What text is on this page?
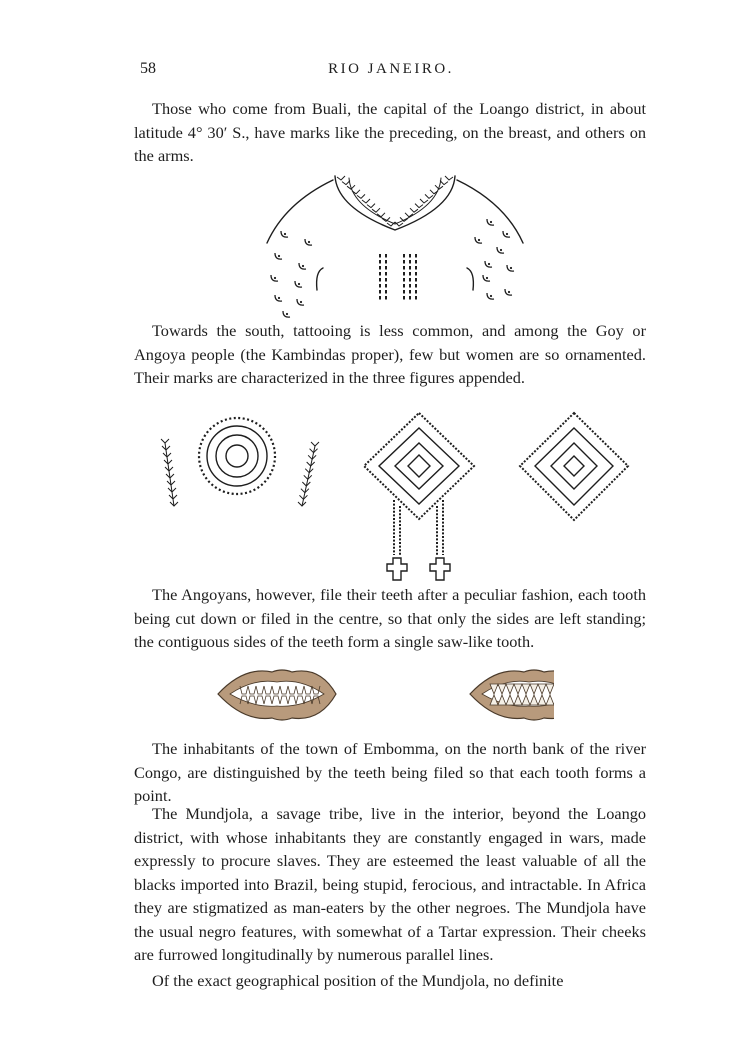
58	RIO JANEIRO.

Those who come from Buali, the capital of the Loango district, in about latitude 4° 30′ S., have marks like the preceding, on the breast, and others on the arms.

Towards the south, tattooing is less common, and among the Goy or Angoya people (the Kambindas proper), few but women are so ornamented. Their marks are characterized in the three figures appended.

The Angoyans, however, file their teeth after a peculiar fashion, each tooth being cut down or filed in the centre, so that only the sides are left standing; the contiguous sides of the teeth form a single saw-like tooth.

The inhabitants of the town of Embomma, on the north bank of the river Congo, are distinguished by the teeth being filed so that each tooth forms a point.

The Mundjola, a savage tribe, live in the interior, beyond the Loango district, with whose inhabitants they are constantly engaged in wars, made expressly to procure slaves. They are esteemed the least valuable of all the blacks imported into Brazil, being stupid, ferocious, and intractable. In Africa they are stigmatized as man-eaters by the other negroes. The Mundjola have the usual negro features, with somewhat of a Tartar expression. Their cheeks are furrowed longitudinally by numerous parallel lines.

Of the exact geographical position of the Mundjola, no definite
